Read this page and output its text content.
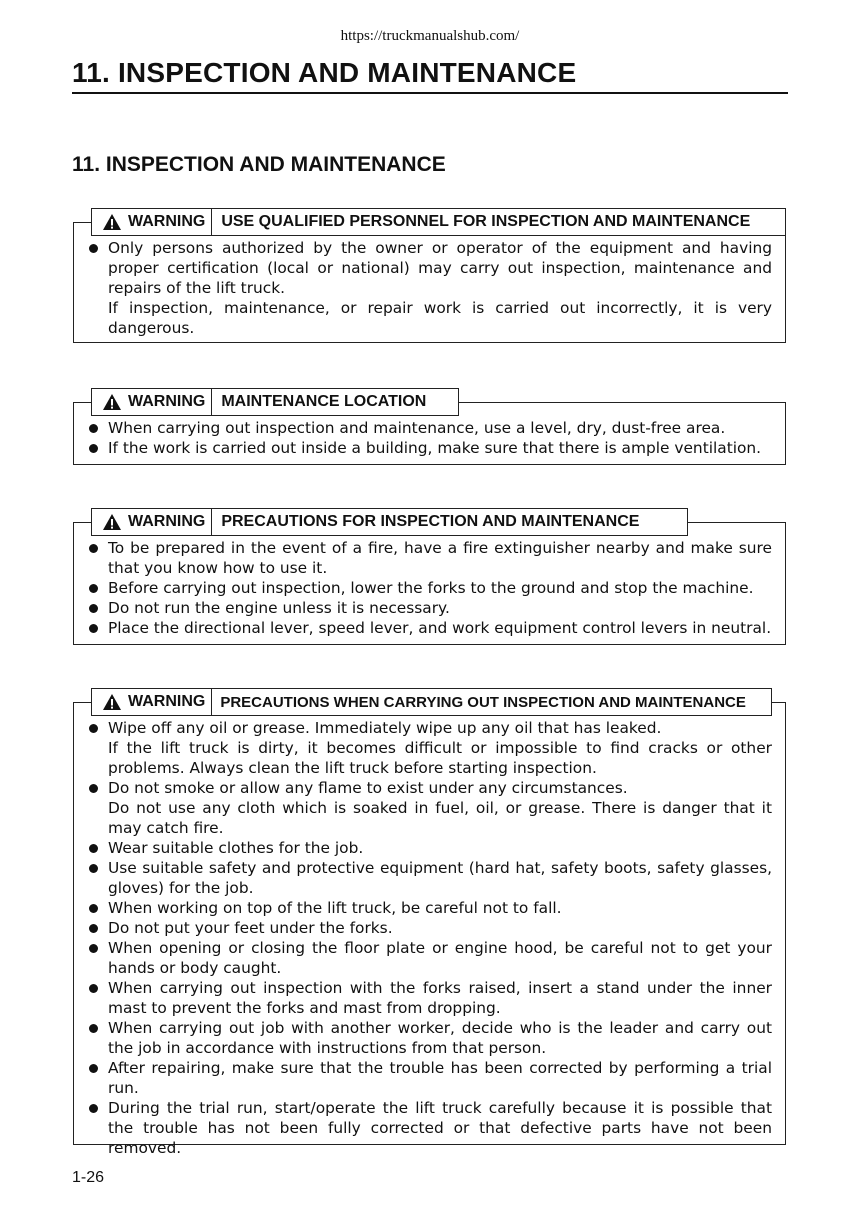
https://truckmanualshub.com/
11. INSPECTION AND MAINTENANCE
11. INSPECTION AND MAINTENANCE
WARNING	USE QUALIFIED PERSONNEL FOR INSPECTION AND MAINTENANCE
Only persons authorized by the owner or operator of the equipment and having proper certification (local or national) may carry out inspection, maintenance and repairs of the lift truck.
If inspection, maintenance, or repair work is carried out incorrectly, it is very dangerous.
WARNING	MAINTENANCE LOCATION
When carrying out inspection and maintenance, use a level, dry, dust-free area.
If the work is carried out inside a building, make sure that there is ample ventilation.
WARNING	PRECAUTIONS FOR INSPECTION AND MAINTENANCE
To be prepared in the event of a fire, have a fire extinguisher nearby and make sure that you know how to use it.
Before carrying out inspection, lower the forks to the ground and stop the machine.
Do not run the engine unless it is necessary.
Place the directional lever, speed lever, and work equipment control levers in neutral.
WARNING	PRECAUTIONS WHEN CARRYING OUT INSPECTION AND MAINTENANCE
Wipe off any oil or grease. Immediately wipe up any oil that has leaked.
If the lift truck is dirty, it becomes difficult or impossible to find cracks or other problems. Always clean the lift truck before starting inspection.
Do not smoke or allow any flame to exist under any circumstances.
Do not use any cloth which is soaked in fuel, oil, or grease. There is danger that it may catch fire.
Wear suitable clothes for the job.
Use suitable safety and protective equipment (hard hat, safety boots, safety glasses, gloves) for the job.
When working on top of the lift truck, be careful not to fall.
Do not put your feet under the forks.
When opening or closing the floor plate or engine hood, be careful not to get your hands or body caught.
When carrying out inspection with the forks raised, insert a stand under the inner mast to prevent the forks and mast from dropping.
When carrying out job with another worker, decide who is the leader and carry out the job in accordance with instructions from that person.
After repairing, make sure that the trouble has been corrected by performing a trial run.
During the trial run, start/operate the lift truck carefully because it is possible that the trouble has not been fully corrected or that defective parts have not been removed.
1-26
